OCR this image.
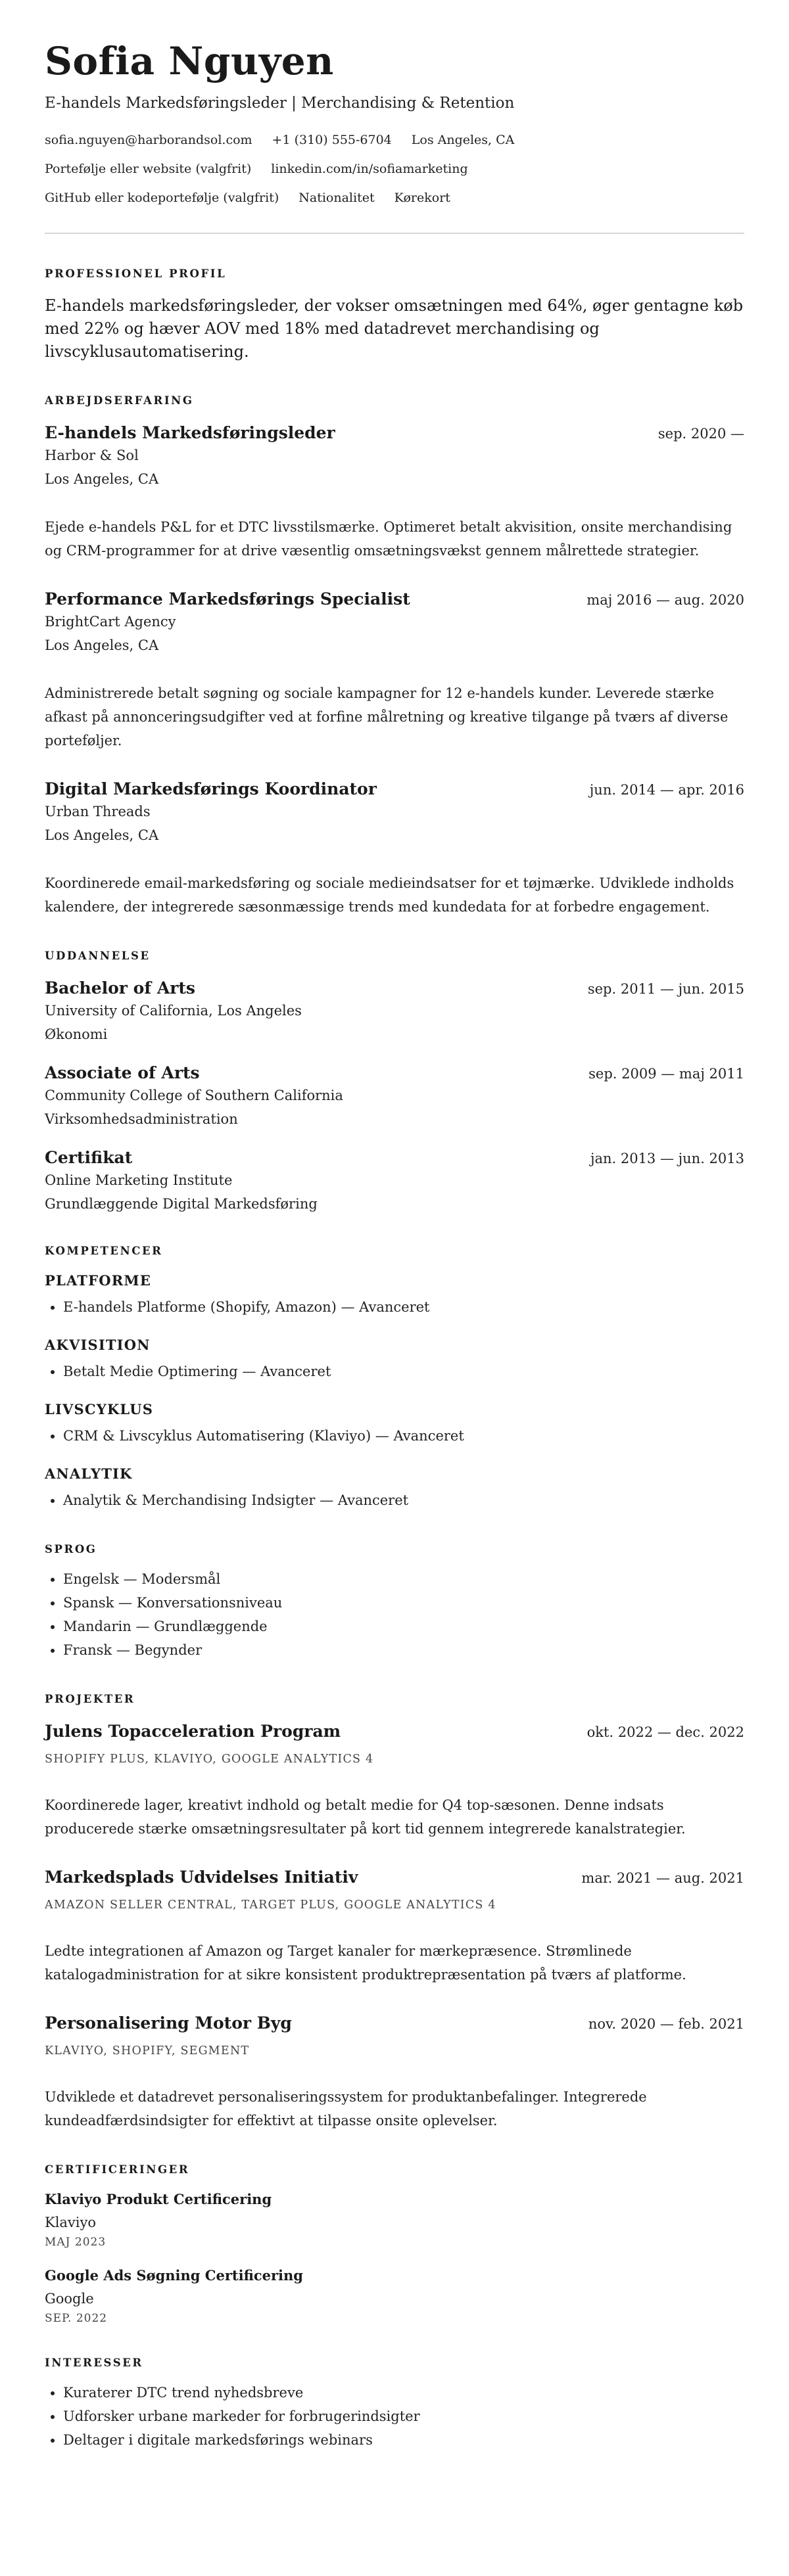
Sofia Nguyen
E-handels Markedsføringsleder | Merchandising & Retention
sofia.nguyen@harborandsol.com +1 (310) 555-6704 Los Angeles, CA
Portefølje eller website (valgfrit) linkedin.com/in/sofiamarketing
GitHub eller kodeportefølje (valgfrit) Nationalitet Kørekort
PROFESSIONEL PROFIL
E-handels markedsføringsleder, der vokser omsætningen med 64%, øger gentagne køb med 22% og hæver AOV med 18% med datadrevet merchandising og livscyklusautomatisering.
ARBEJDSERFARING
E-handels Markedsføringsleder	sep. 2020 —
Harbor & Sol
Los Angeles, CA
Ejede e-handels P&L for et DTC livsstilsmærke. Optimeret betalt akvisition, onsite merchandising og CRM-programmer for at drive væsentlig omsætningsvækst gennem målrettede strategier.
Performance Markedsførings Specialist	maj 2016 — aug. 2020
BrightCart Agency
Los Angeles, CA
Administrerede betalt søgning og sociale kampagner for 12 e-handels kunder. Leverede stærke afkast på annonceringsudgifter ved at forfine målretning og kreative tilgange på tværs af diverse porteføljer.
Digital Markedsførings Koordinator	jun. 2014 — apr. 2016
Urban Threads
Los Angeles, CA
Koordinerede email-markedsføring og sociale medieindsatser for et tøjmærke. Udviklede indholds kalendere, der integrerede sæsonmæssige trends med kundedata for at forbedre engagement.
UDDANNELSE
Bachelor of Arts	sep. 2011 — jun. 2015
University of California, Los Angeles
Økonomi
Associate of Arts	sep. 2009 — maj 2011
Community College of Southern California
Virksomhedsadministration
Certifikat	jan. 2013 — jun. 2013
Online Marketing Institute
Grundlæggende Digital Markedsføring
KOMPETENCER
PLATFORME
• E-handels Platforme (Shopify, Amazon) — Avanceret
AKVISITION
• Betalt Medie Optimering — Avanceret
LIVSCYKLUS
• CRM & Livscyklus Automatisering (Klaviyo) — Avanceret
ANALYTIK
• Analytik & Merchandising Indsigter — Avanceret
SPROG
• Engelsk — Modersmål
• Spansk — Konversationsniveau
• Mandarin — Grundlæggende
• Fransk — Begynder
PROJEKTER
Julens Topacceleration Program	okt. 2022 — dec. 2022
SHOPIFY PLUS, KLAVIYO, GOOGLE ANALYTICS 4
Koordinerede lager, kreativt indhold og betalt medie for Q4 top-sæsonen. Denne indsats producerede stærke omsætningsresultater på kort tid gennem integrerede kanalstrategier.
Markedsplads Udvidelses Initiativ	mar. 2021 — aug. 2021
AMAZON SELLER CENTRAL, TARGET PLUS, GOOGLE ANALYTICS 4
Ledte integrationen af Amazon og Target kanaler for mærkepræsence. Strømlinede katalogadministration for at sikre konsistent produktrepræsentation på tværs af platforme.
Personalisering Motor Byg	nov. 2020 — feb. 2021
KLAVIYO, SHOPIFY, SEGMENT
Udviklede et datadrevet personaliseringssystem for produktanbefalinger. Integrerede kundeadfærdsindsigter for effektivt at tilpasse onsite oplevelser.
CERTIFICERINGER
Klaviyo Produkt Certificering
Klaviyo
MAJ 2023
Google Ads Søgning Certificering
Google
SEP. 2022
INTERESSER
• Kuraterer DTC trend nyhedsbreve
• Udforsker urbane markeder for forbrugerindsigter
• Deltager i digitale markedsførings webinars
